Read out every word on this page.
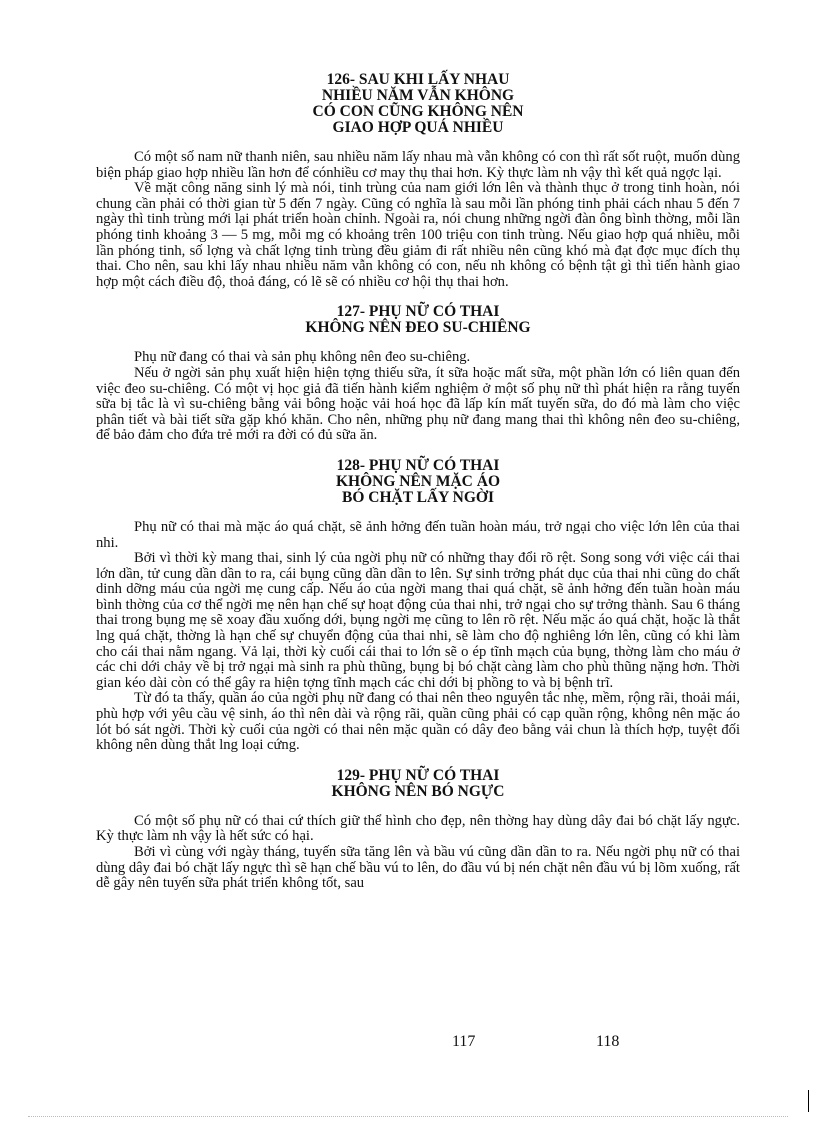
126- SAU KHI LẤY NHAU
NHIỀU NĂM VẪN KHÔNG
CÓ CON CŨNG KHÔNG NÊN
GIAO HỢP QUÁ NHIỀU

Có một số nam nữ thanh niên, sau nhiều năm lấy nhau mà vẫn không có con thì rất sốt ruột, muốn dùng biện pháp giao hợp nhiều lần hơn để cónhiều cơ may thụ thai hơn. Kỳ thực làm nh vậy thì kết quả ngợc lại.

Về mặt công năng sinh lý mà nói, tinh trùng của nam giới lớn lên và thành thục ở trong tinh hoàn, nói chung cần phải có thời gian từ 5 đến 7 ngày. Cũng có nghĩa là sau mỗi lần phóng tinh phải cách nhau 5 đến 7 ngày thì tinh trùng mới lại phát triển hoàn chỉnh. Ngoài ra, nói chung những ngời đàn ông bình thờng, mỗi lần phóng tinh khoảng 3 — 5 mg, mỗi mg có khoảng trên 100 triệu con tinh trùng. Nếu giao hợp quá nhiều, mỗi lần phóng tinh, số lợng và chất lợng tinh trùng đều giảm đi rất nhiều nên cũng khó mà đạt đợc mục đích thụ thai. Cho nên, sau khi lấy nhau nhiều năm vẫn không có con, nếu nh không có bệnh tật gì thì tiến hành giao hợp một cách điều độ, thoả đáng, có lẽ sẽ có nhiều cơ hội thụ thai hơn.

127- PHỤ NỮ CÓ THAI
KHÔNG NÊN ĐEO SU-CHIÊNG

Phụ nữ đang có thai và sản phụ không nên đeo su-chiêng.

Nếu ở ngời sản phụ xuất hiện hiện tợng thiếu sữa, ít sữa hoặc mất sữa, một phần lớn có liên quan đến việc đeo su-chiêng. Có một vị học giả đã tiến hành kiểm nghiệm ở một số phụ nữ thì phát hiện ra rằng tuyến sữa bị tắc là vì su-chiêng bằng vải bông hoặc vải hoá học đã lấp kín mất tuyến sữa, do đó mà làm cho việc phân tiết và bài tiết sữa gặp khó khăn. Cho nên, những phụ nữ đang mang thai thì không nên đeo su-chiêng, để bảo đảm cho đứa trẻ mới ra đời có đủ sữa ăn.

128- PHỤ NỮ CÓ THAI
KHÔNG NÊN MẶC ÁO
BÓ CHẶT LẤY NGỜI

Phụ nữ có thai mà mặc áo quá chặt, sẽ ảnh hởng đến tuần hoàn máu, trở ngại cho việc lớn lên của thai nhi.

Bởi vì thời kỳ mang thai, sinh lý của ngời phụ nữ có những thay đổi rõ rệt. Song song với việc cái thai lớn dần, tử cung dần dần to ra, cái bụng cũng dần dần to lên. Sự sinh trởng phát dục của thai nhi cũng do chất dinh dỡng máu của ngời mẹ cung cấp. Nếu áo của ngời mang thai quá chặt, sẽ ảnh hởng đến tuần hoàn máu bình thờng của cơ thể ngời mẹ nên hạn chế sự hoạt động của thai nhi, trở ngại cho sự trởng thành. Sau 6 tháng thai trong bụng mẹ sẽ xoay đầu xuống dới, bụng ngời mẹ cũng to lên rõ rệt. Nếu mặc áo quá chặt, hoặc là thắt lng quá chặt, thờng là hạn chế sự chuyển động của thai nhi, sẽ làm cho độ nghiêng lớn lên, cũng có khi làm cho cái thai nằm ngang. Vả lại, thời kỳ cuối cái thai to lớn sẽ o ép tĩnh mạch của bụng, thờng làm cho máu ở các chi dới chảy về bị trở ngại mà sinh ra phù thũng, bụng bị bó chặt càng làm cho phù thũng nặng hơn. Thời gian kéo dài còn có thể gây ra hiện tợng tĩnh mạch các chi dới bị phồng to và bị bệnh trĩ.

Từ đó ta thấy, quần áo của ngời phụ nữ đang có thai nên theo nguyên tắc nhẹ, mềm, rộng rãi, thoải mái, phù hợp với yêu cầu vệ sinh, áo thì nên dài và rộng rãi, quần cũng phải có cạp quần rộng, không nên mặc áo lót bó sát ngời. Thời kỳ cuối của ngời có thai nên mặc quần có dây đeo bằng vải chun là thích hợp, tuyệt đối không nên dùng thắt lng loại cứng.

129- PHỤ NỮ CÓ THAI
KHÔNG NÊN BÓ NGỰC

Có một số phụ nữ có thai cứ thích giữ thể hình cho đẹp, nên thờng hay dùng dây đai bó chặt lấy ngực. Kỳ thực làm nh vậy là hết sức có hại.

Bởi vì cùng với ngày tháng, tuyến sữa tăng lên và bầu vú cũng dần dần to ra. Nếu ngời phụ nữ có thai dùng dây đai bó chặt lấy ngực thì sẽ hạn chế bầu vú to lên, do đầu vú bị nén chặt nên đầu vú bị lõm xuống, rất dễ gây nên tuyến sữa phát triển không tốt, sau

117	118
